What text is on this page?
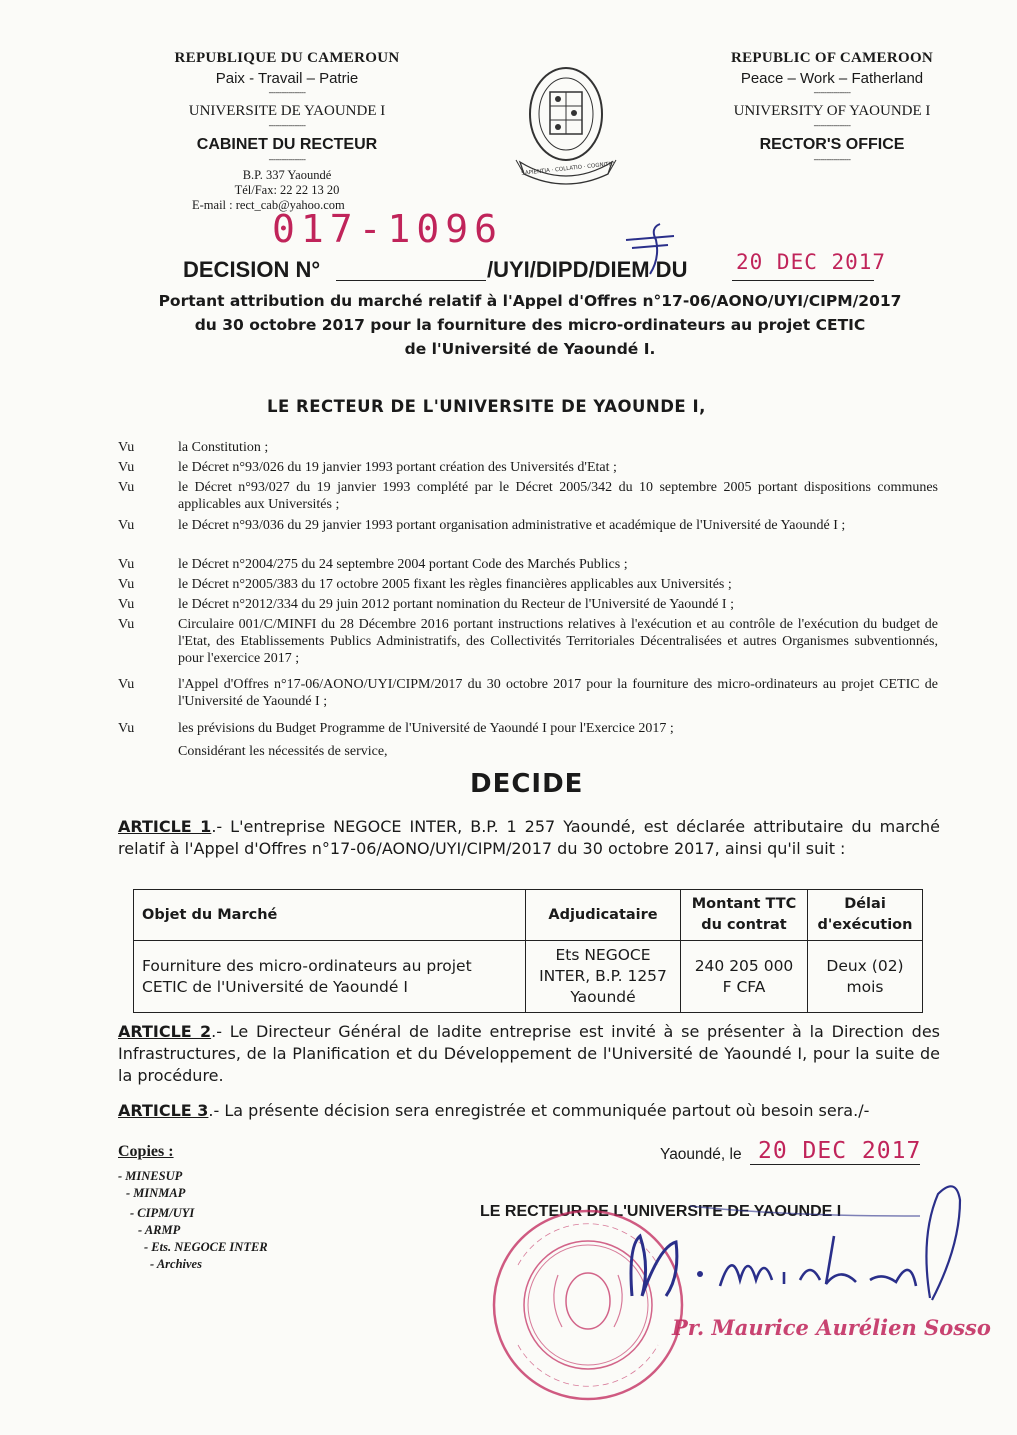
REPUBLIQUE DU CAMEROUN
Paix - Travail – Patrie
-----------------
UNIVERSITE DE YAOUNDE I
-----------------
CABINET DU RECTEUR
-----------------
B.P. 337 Yaoundé
Tél/Fax: 22 22 13 20
E-mail : rect_cab@yahoo.com
REPUBLIC OF CAMEROON
Peace – Work – Fatherland
-----------------
UNIVERSITY OF YAOUNDE I
-----------------
RECTOR'S OFFICE
-----------------
SAPIENTIA · COLLATIO · COGNITIO
DECISION N°
017-1096
/UYI/DIPD/DIEM DU 20 DEC 2017
Portant attribution du marché relatif à l'Appel d'Offres n°17-06/AONO/UYI/CIPM/2017
du 30 octobre 2017 pour la fourniture des micro-ordinateurs au projet CETIC
de l'Université de Yaoundé I.
LE RECTEUR DE L'UNIVERSITE DE YAOUNDE I,
Vu	la Constitution ;
Vu	le Décret n°93/026 du 19 janvier 1993 portant création des Universités d'Etat ;
Vu	le Décret n°93/027 du 19 janvier 1993 complété par le Décret 2005/342 du 10 septembre 2005 portant dispositions communes applicables aux Universités ;
Vu	le Décret n°93/036 du 29 janvier 1993 portant organisation administrative et académique de l'Université de Yaoundé I ;
Vu	le Décret n°2004/275 du 24 septembre 2004 portant Code des Marchés Publics ;
Vu	le Décret n°2005/383 du 17 octobre 2005 fixant les règles financières applicables aux Universités ;
Vu	le Décret n°2012/334 du 29 juin 2012 portant nomination du Recteur de l'Université de Yaoundé I ;
Vu	Circulaire 001/C/MINFI du 28 Décembre 2016 portant instructions relatives à l'exécution et au contrôle de l'exécution du budget de l'Etat, des Etablissements Publics Administratifs, des Collectivités Territoriales Décentralisées et autres Organismes subventionnés, pour l'exercice 2017 ;
Vu	l'Appel d'Offres n°17-06/AONO/UYI/CIPM/2017 du 30 octobre 2017 pour la fourniture des micro-ordinateurs au projet CETIC de l'Université de Yaoundé I ;
Vu	les prévisions du Budget Programme de l'Université de Yaoundé I pour l'Exercice 2017 ;
Considérant les nécessités de service,
DECIDE
ARTICLE 1.- L'entreprise NEGOCE INTER, B.P. 1 257 Yaoundé, est déclarée attributaire du marché relatif à l'Appel d'Offres n°17-06/AONO/UYI/CIPM/2017 du 30 octobre 2017, ainsi qu'il suit :
Objet du Marché	Adjudicataire	Montant TTC du contrat	Délai d'exécution
Fourniture des micro-ordinateurs au projet CETIC de l'Université de Yaoundé I	Ets NEGOCE INTER, B.P. 1257 Yaoundé	240 205 000 F CFA	Deux (02) mois
ARTICLE 2.- Le Directeur Général de ladite entreprise est invité à se présenter à la Direction des Infrastructures, de la Planification et du Développement de l'Université de Yaoundé I, pour la suite de la procédure.
ARTICLE 3.- La présente décision sera enregistrée et communiquée partout où besoin sera./-
Yaoundé, le 20 DEC 2017
Copies :
- MINESUP
- MINMAP
- CIPM/UYI
- ARMP
- Ets. NEGOCE INTER
- Archives
LE RECTEUR DE L'UNIVERSITE DE YAOUNDE I
Pr. Maurice Aurélien Sosso
